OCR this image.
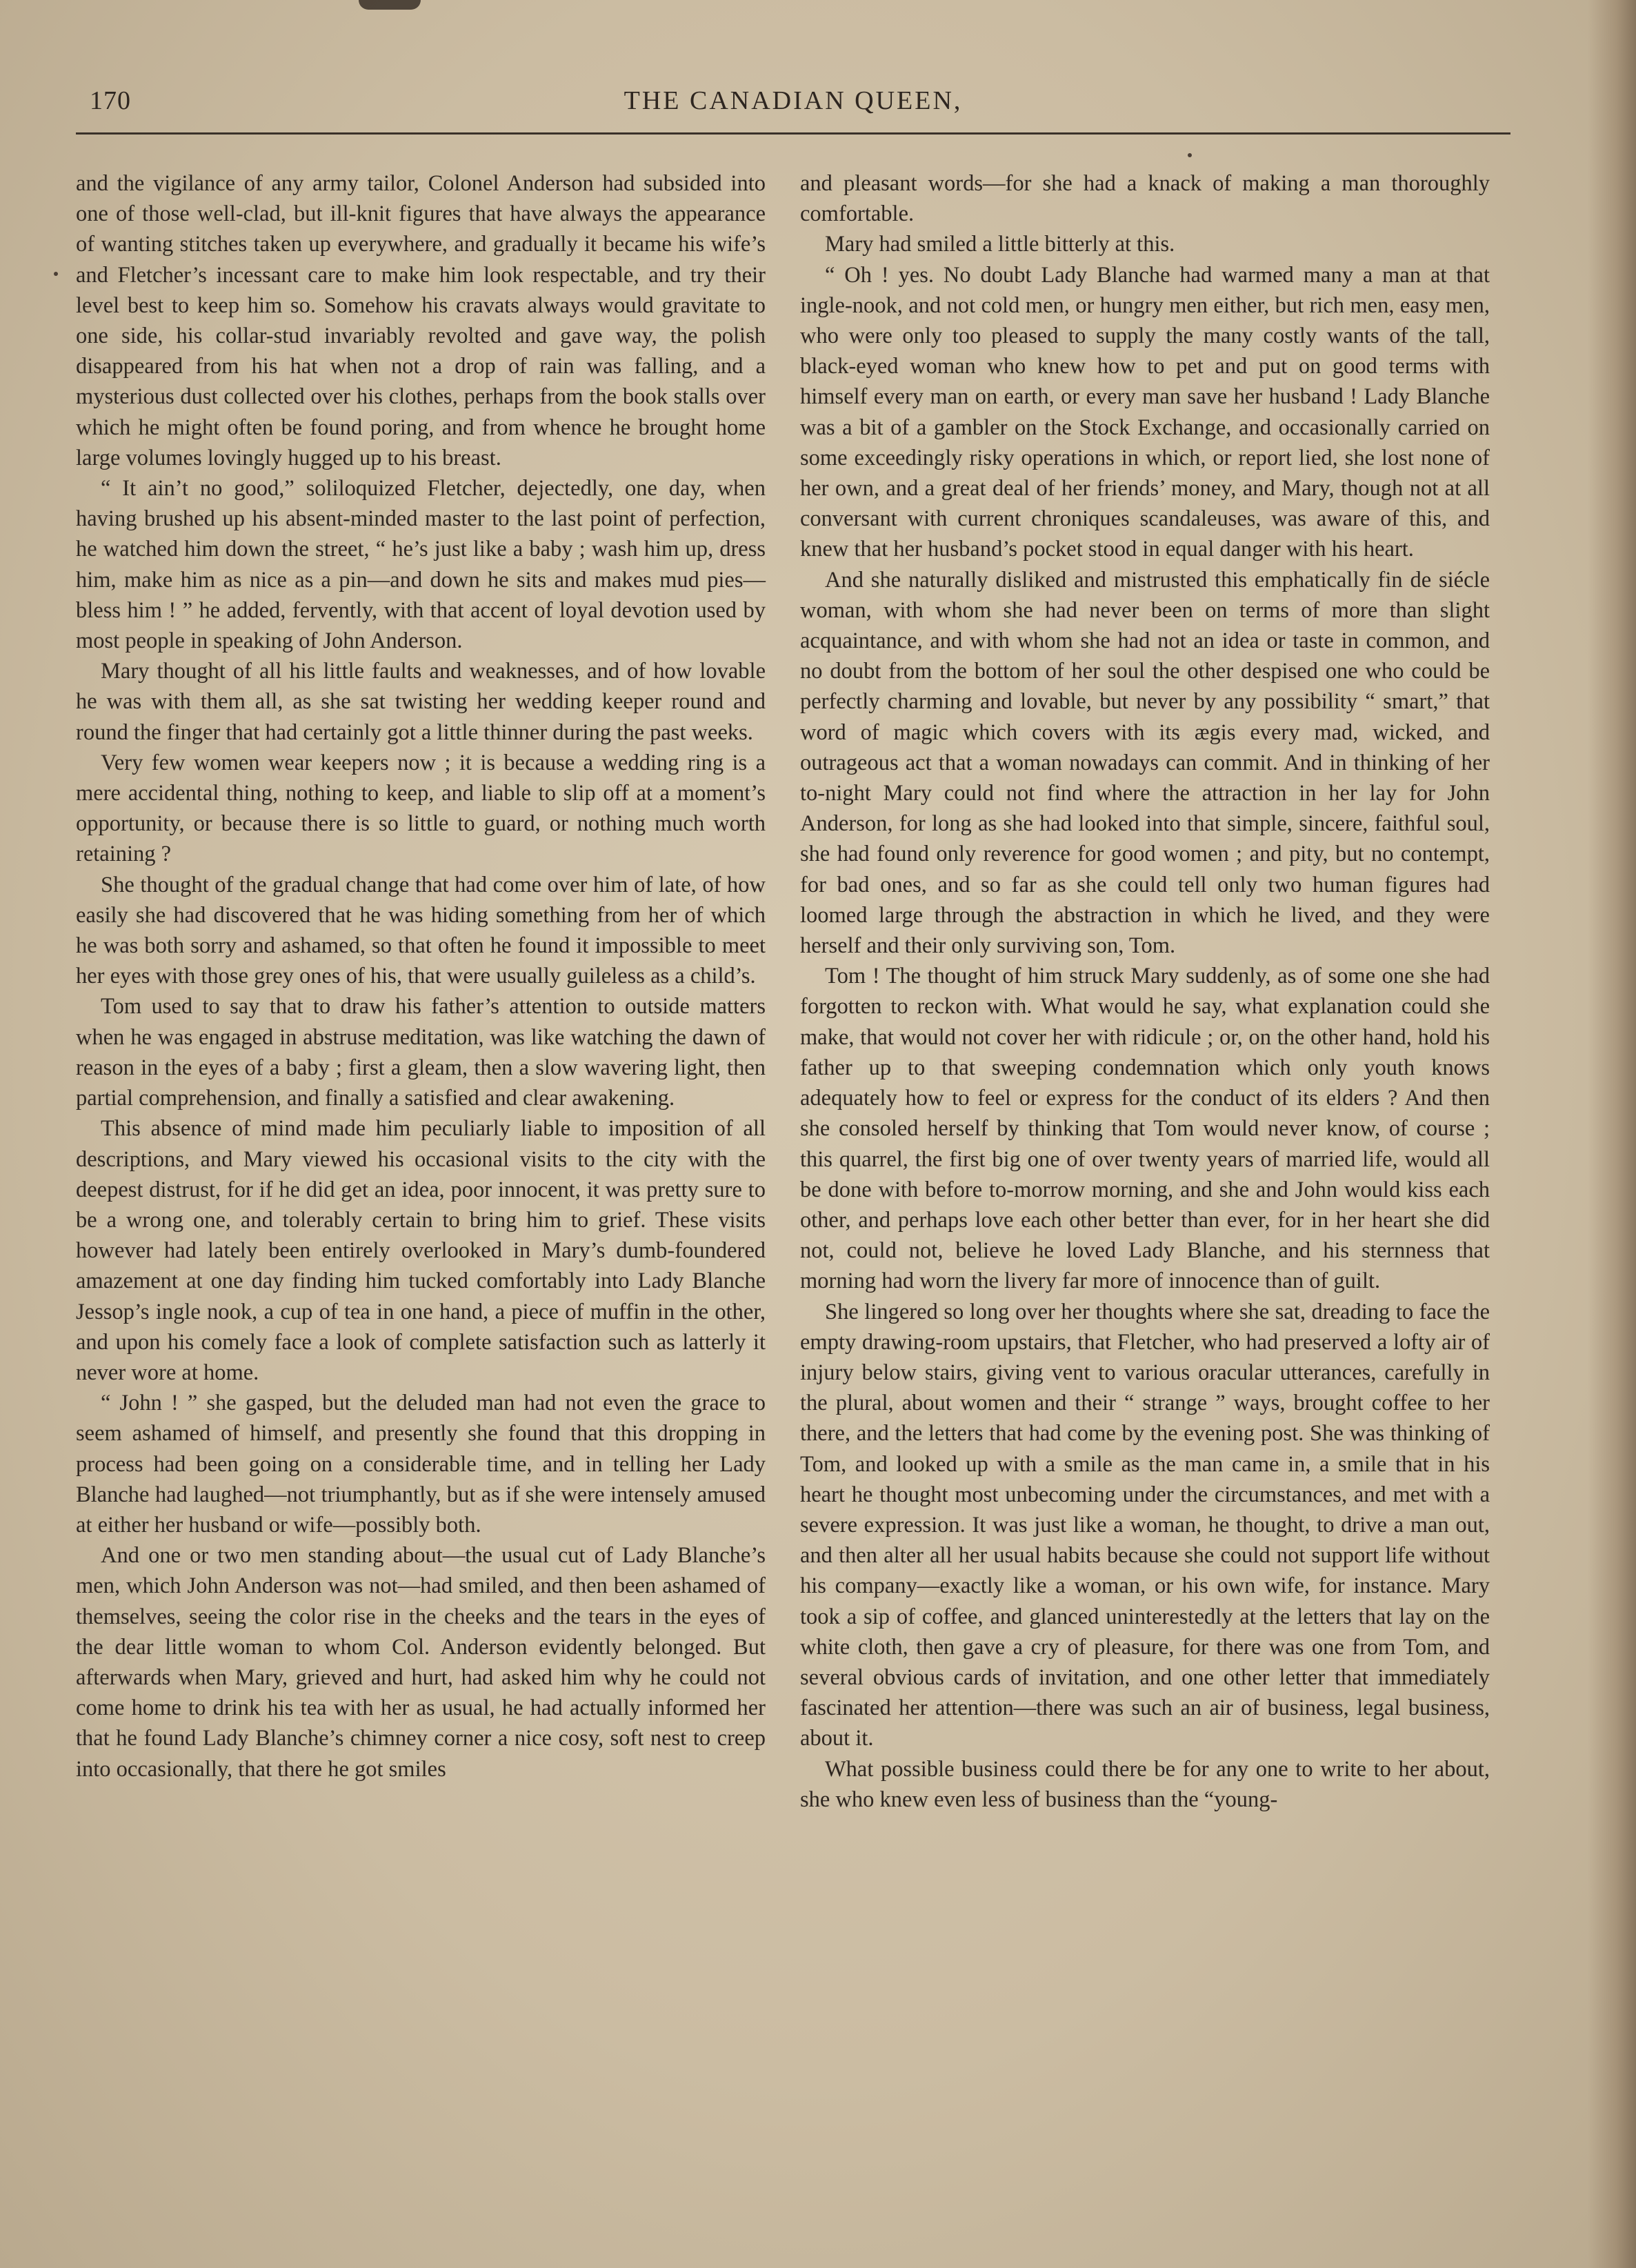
170	THE CANADIAN QUEEN,

and the vigilance of any army tailor, Colonel Anderson had subsided into one of those well-clad, but ill-knit figures that have always the appearance of wanting stitches taken up everywhere, and gradually it became his wife’s and Fletcher’s incessant care to make him look respectable, and try their level best to keep him so. Somehow his cravats always would gravitate to one side, his collar-stud invariably revolted and gave way, the polish disappeared from his hat when not a drop of rain was falling, and a mysterious dust collected over his clothes, perhaps from the book stalls over which he might often be found poring, and from whence he brought home large volumes lovingly hugged up to his breast.

“ It ain’t no good,” soliloquized Fletcher, dejectedly, one day, when having brushed up his absent-minded master to the last point of perfection, he watched him down the street, “ he’s just like a baby ; wash him up, dress him, make him as nice as a pin—and down he sits and makes mud pies—bless him ! ” he added, fervently, with that accent of loyal devotion used by most people in speaking of John Anderson.

Mary thought of all his little faults and weaknesses, and of how lovable he was with them all, as she sat twisting her wedding keeper round and round the finger that had certainly got a little thinner during the past weeks.

Very few women wear keepers now ; it is because a wedding ring is a mere accidental thing, nothing to keep, and liable to slip off at a moment’s opportunity, or because there is so little to guard, or nothing much worth retaining ?

She thought of the gradual change that had come over him of late, of how easily she had discovered that he was hiding something from her of which he was both sorry and ashamed, so that often he found it impossible to meet her eyes with those grey ones of his, that were usually guileless as a child’s.

Tom used to say that to draw his father’s attention to outside matters when he was engaged in abstruse meditation, was like watching the dawn of reason in the eyes of a baby ; first a gleam, then a slow wavering light, then partial comprehension, and finally a satisfied and clear awakening.

This absence of mind made him peculiarly liable to imposition of all descriptions, and Mary viewed his occasional visits to the city with the deepest distrust, for if he did get an idea, poor innocent, it was pretty sure to be a wrong one, and tolerably certain to bring him to grief. These visits however had lately been entirely overlooked in Mary’s dumb-foundered amazement at one day finding him tucked comfortably into Lady Blanche Jessop’s ingle nook, a cup of tea in one hand, a piece of muffin in the other, and upon his comely face a look of complete satisfaction such as latterly it never wore at home.

“ John ! ” she gasped, but the deluded man had not even the grace to seem ashamed of himself, and presently she found that this dropping in process had been going on a considerable time, and in telling her Lady Blanche had laughed—not triumphantly, but as if she were intensely amused at either her husband or wife—possibly both.

And one or two men standing about—the usual cut of Lady Blanche’s men, which John Anderson was not—had smiled, and then been ashamed of themselves, seeing the color rise in the cheeks and the tears in the eyes of the dear little woman to whom Col. Anderson evidently belonged. But afterwards when Mary, grieved and hurt, had asked him why he could not come home to drink his tea with her as usual, he had actually informed her that he found Lady Blanche’s chimney corner a nice cosy, soft nest to creep into occasionally, that there he got smiles

and pleasant words—for she had a knack of making a man thoroughly comfortable.

Mary had smiled a little bitterly at this.

“ Oh ! yes. No doubt Lady Blanche had warmed many a man at that ingle-nook, and not cold men, or hungry men either, but rich men, easy men, who were only too pleased to supply the many costly wants of the tall, black-eyed woman who knew how to pet and put on good terms with himself every man on earth, or every man save her husband ! Lady Blanche was a bit of a gambler on the Stock Exchange, and occasionally carried on some exceedingly risky operations in which, or report lied, she lost none of her own, and a great deal of her friends’ money, and Mary, though not at all conversant with current chroniques scandaleuses, was aware of this, and knew that her husband’s pocket stood in equal danger with his heart.

And she naturally disliked and mistrusted this emphatically fin de siécle woman, with whom she had never been on terms of more than slight acquaintance, and with whom she had not an idea or taste in common, and no doubt from the bottom of her soul the other despised one who could be perfectly charming and lovable, but never by any possibility “ smart,” that word of magic which covers with its ægis every mad, wicked, and outrageous act that a woman nowadays can commit. And in thinking of her to-night Mary could not find where the attraction in her lay for John Anderson, for long as she had looked into that simple, sincere, faithful soul, she had found only reverence for good women ; and pity, but no contempt, for bad ones, and so far as she could tell only two human figures had loomed large through the abstraction in which he lived, and they were herself and their only surviving son, Tom.

Tom ! The thought of him struck Mary suddenly, as of some one she had forgotten to reckon with. What would he say, what explanation could she make, that would not cover her with ridicule ; or, on the other hand, hold his father up to that sweeping condemnation which only youth knows adequately how to feel or express for the conduct of its elders ? And then she consoled herself by thinking that Tom would never know, of course ; this quarrel, the first big one of over twenty years of married life, would all be done with before to-morrow morning, and she and John would kiss each other, and perhaps love each other better than ever, for in her heart she did not, could not, believe he loved Lady Blanche, and his sternness that morning had worn the livery far more of innocence than of guilt.

She lingered so long over her thoughts where she sat, dreading to face the empty drawing-room upstairs, that Fletcher, who had preserved a lofty air of injury below stairs, giving vent to various oracular utterances, carefully in the plural, about women and their “ strange ” ways, brought coffee to her there, and the letters that had come by the evening post. She was thinking of Tom, and looked up with a smile as the man came in, a smile that in his heart he thought most unbecoming under the circumstances, and met with a severe expression. It was just like a woman, he thought, to drive a man out, and then alter all her usual habits because she could not support life without his company—exactly like a woman, or his own wife, for instance. Mary took a sip of coffee, and glanced uninterestedly at the letters that lay on the white cloth, then gave a cry of pleasure, for there was one from Tom, and several obvious cards of invitation, and one other letter that immediately fascinated her attention—there was such an air of business, legal business, about it.

What possible business could there be for any one to write to her about, she who knew even less of business than the “young-
